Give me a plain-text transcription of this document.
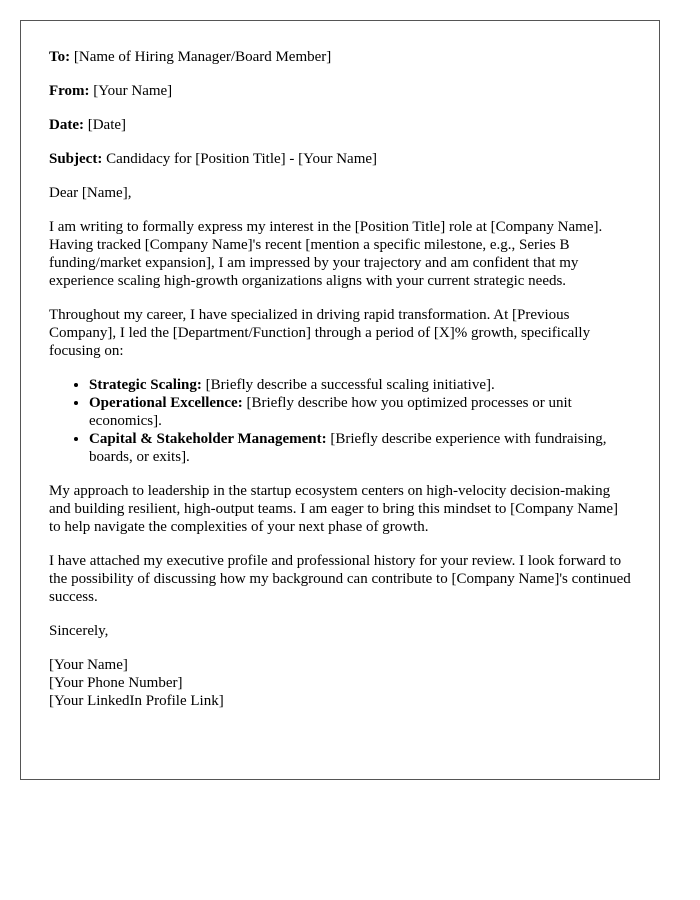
To: [Name of Hiring Manager/Board Member]

From: [Your Name]

Date: [Date]

Subject: Candidacy for [Position Title] - [Your Name]

Dear [Name],

I am writing to formally express my interest in the [Position Title] role at [Company Name]. Having tracked [Company Name]'s recent [mention a specific milestone, e.g., Series B funding/market expansion], I am impressed by your trajectory and am confident that my experience scaling high-growth organizations aligns with your current strategic needs.

Throughout my career, I have specialized in driving rapid transformation. At [Previous Company], I led the [Department/Function] through a period of [X]% growth, specifically focusing on:

• Strategic Scaling: [Briefly describe a successful scaling initiative].
• Operational Excellence: [Briefly describe how you optimized processes or unit economics].
• Capital & Stakeholder Management: [Briefly describe experience with fundraising, boards, or exits].

My approach to leadership in the startup ecosystem centers on high-velocity decision-making and building resilient, high-output teams. I am eager to bring this mindset to [Company Name] to help navigate the complexities of your next phase of growth.

I have attached my executive profile and professional history for your review. I look forward to the possibility of discussing how my background can contribute to [Company Name]'s continued success.

Sincerely,

[Your Name]
[Your Phone Number]
[Your LinkedIn Profile Link]
